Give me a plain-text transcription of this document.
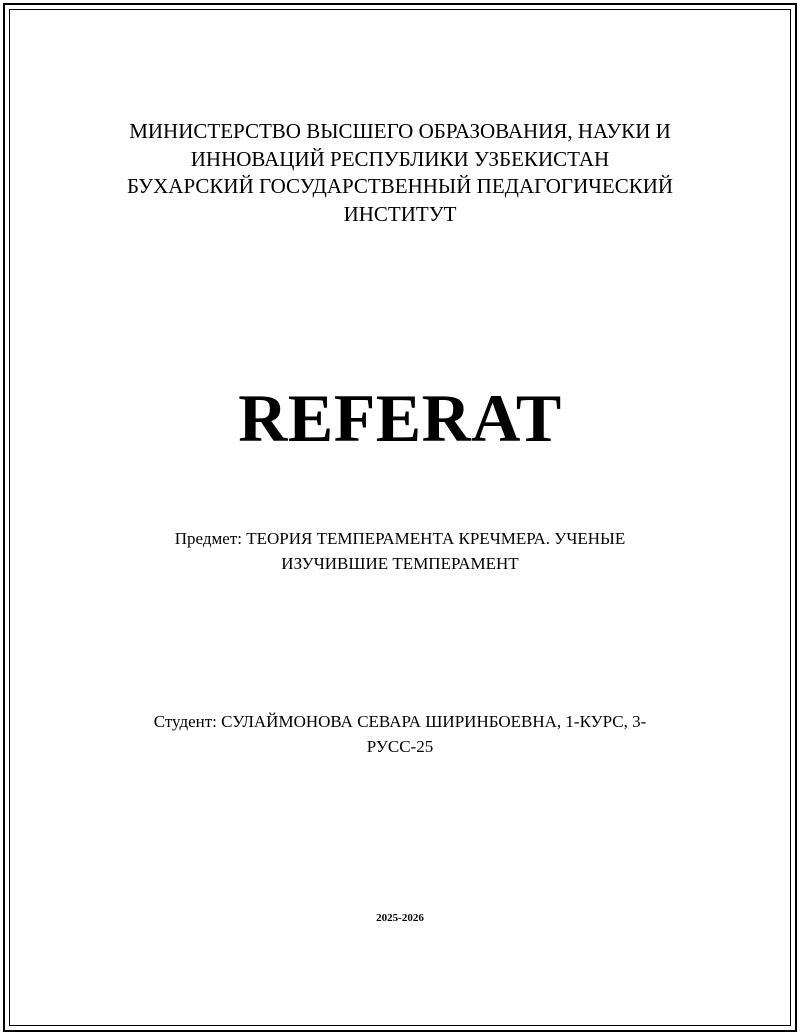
МИНИСТЕРСТВО ВЫСШЕГО ОБРАЗОВАНИЯ, НАУКИ И
ИННОВАЦИЙ РЕСПУБЛИКИ УЗБЕКИСТАН
БУХАРСКИЙ ГОСУДАРСТВЕННЫЙ ПЕДАГОГИЧЕСКИЙ
ИНСТИТУТ
REFERAT
Предмет: ТЕОРИЯ ТЕМПЕРАМЕНТА КРЕЧМЕРА. УЧЕНЫЕ
ИЗУЧИВШИЕ ТЕМПЕРАМЕНТ
Студент: СУЛАЙМОНОВА СЕВАРА ШИРИНБОЕВНА, 1-КУРС, 3-
РУСС-25
2025-2026
